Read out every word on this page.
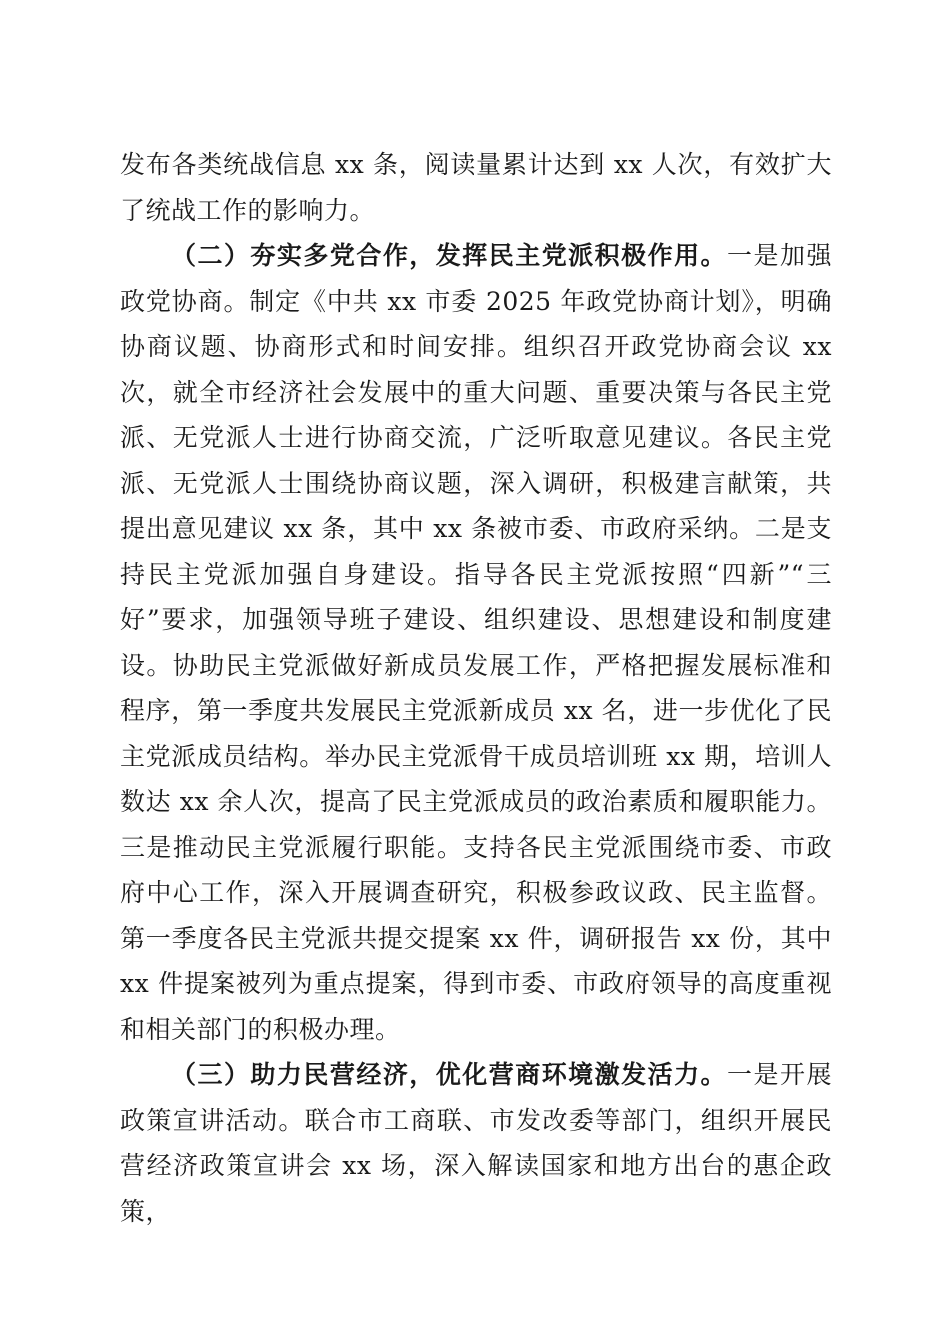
发布各类统战信息 xx 条，阅读量累计达到 xx 人次，有效扩大了统战工作的影响力。

（二）夯实多党合作，发挥民主党派积极作用。一是加强政党协商。制定《中共 xx 市委 2025 年政党协商计划》，明确协商议题、协商形式和时间安排。组织召开政党协商会议 xx 次，就全市经济社会发展中的重大问题、重要决策与各民主党派、无党派人士进行协商交流，广泛听取意见建议。各民主党派、无党派人士围绕协商议题，深入调研，积极建言献策，共提出意见建议 xx 条，其中 xx 条被市委、市政府采纳。二是支持民主党派加强自身建设。指导各民主党派按照“四新”“三好”要求，加强领导班子建设、组织建设、思想建设和制度建设。协助民主党派做好新成员发展工作，严格把握发展标准和程序，第一季度共发展民主党派新成员 xx 名，进一步优化了民主党派成员结构。举办民主党派骨干成员培训班 xx 期，培训人数达 xx 余人次，提高了民主党派成员的政治素质和履职能力。三是推动民主党派履行职能。支持各民主党派围绕市委、市政府中心工作，深入开展调查研究，积极参政议政、民主监督。第一季度各民主党派共提交提案 xx 件，调研报告 xx 份，其中 xx 件提案被列为重点提案，得到市委、市政府领导的高度重视和相关部门的积极办理。

（三）助力民营经济，优化营商环境激发活力。一是开展政策宣讲活动。联合市工商联、市发改委等部门，组织开展民营经济政策宣讲会 xx 场，深入解读国家和地方出台的惠企政策，
